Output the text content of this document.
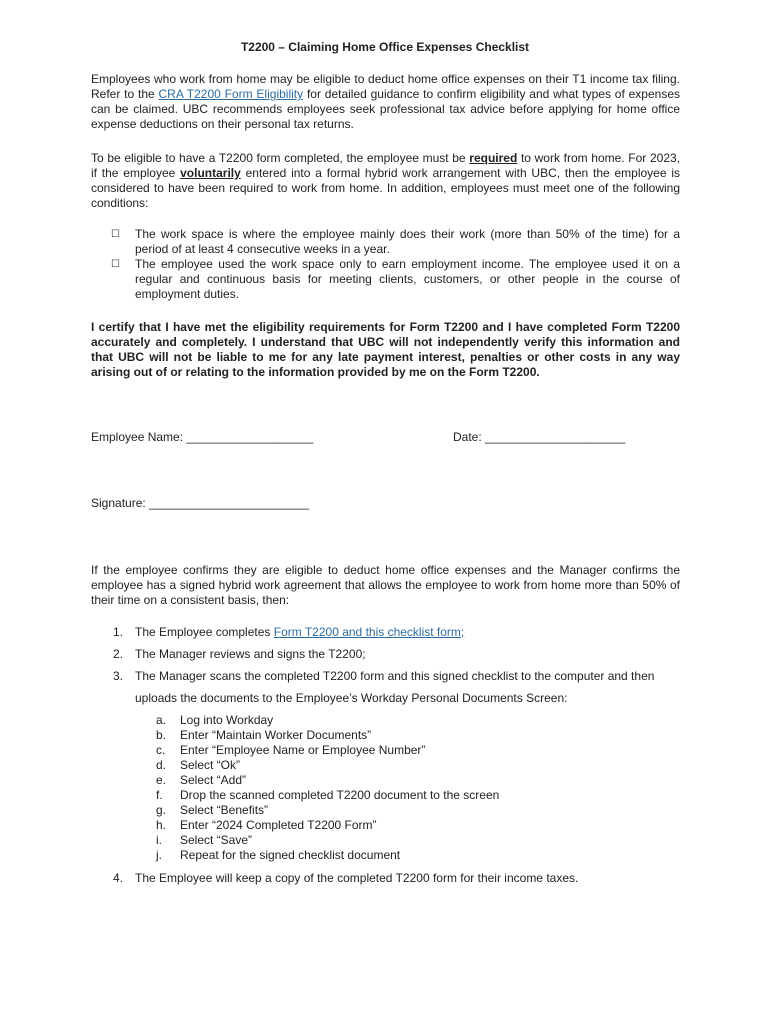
T2200 – Claiming Home Office Expenses Checklist
Employees who work from home may be eligible to deduct home office expenses on their T1 income tax filing. Refer to the CRA T2200 Form Eligibility for detailed guidance to confirm eligibility and what types of expenses can be claimed. UBC recommends employees seek professional tax advice before applying for home office expense deductions on their personal tax returns.
To be eligible to have a T2200 form completed, the employee must be required to work from home. For 2023, if the employee voluntarily entered into a formal hybrid work arrangement with UBC, then the employee is considered to have been required to work from home. In addition, employees must meet one of the following conditions:
☐	The work space is where the employee mainly does their work (more than 50% of the time) for a period of at least 4 consecutive weeks in a year.
☐	The employee used the work space only to earn employment income. The employee used it on a regular and continuous basis for meeting clients, customers, or other people in the course of employment duties.
I certify that I have met the eligibility requirements for Form T2200 and I have completed Form T2200 accurately and completely. I understand that UBC will not independently verify this information and that UBC will not be liable to me for any late payment interest, penalties or other costs in any way arising out of or relating to the information provided by me on the Form T2200.
Employee Name: ___________________	Date: _____________________
Signature: ________________________
If the employee confirms they are eligible to deduct home office expenses and the Manager confirms the employee has a signed hybrid work agreement that allows the employee to work from home more than 50% of their time on a consistent basis, then:
1. The Employee completes Form T2200 and this checklist form;
2. The Manager reviews and signs the T2200;
3. The Manager scans the completed T2200 form and this signed checklist to the computer and then
uploads the documents to the Employee’s Workday Personal Documents Screen:
a.	Log into Workday
b.	Enter “Maintain Worker Documents”
c.	Enter “Employee Name or Employee Number”
d.	Select “Ok”
e.	Select “Add”
f.	Drop the scanned completed T2200 document to the screen
g.	Select “Benefits”
h.	Enter “2024 Completed T2200 Form”
i.	Select “Save”
j.	Repeat for the signed checklist document
4. The Employee will keep a copy of the completed T2200 form for their income taxes.
